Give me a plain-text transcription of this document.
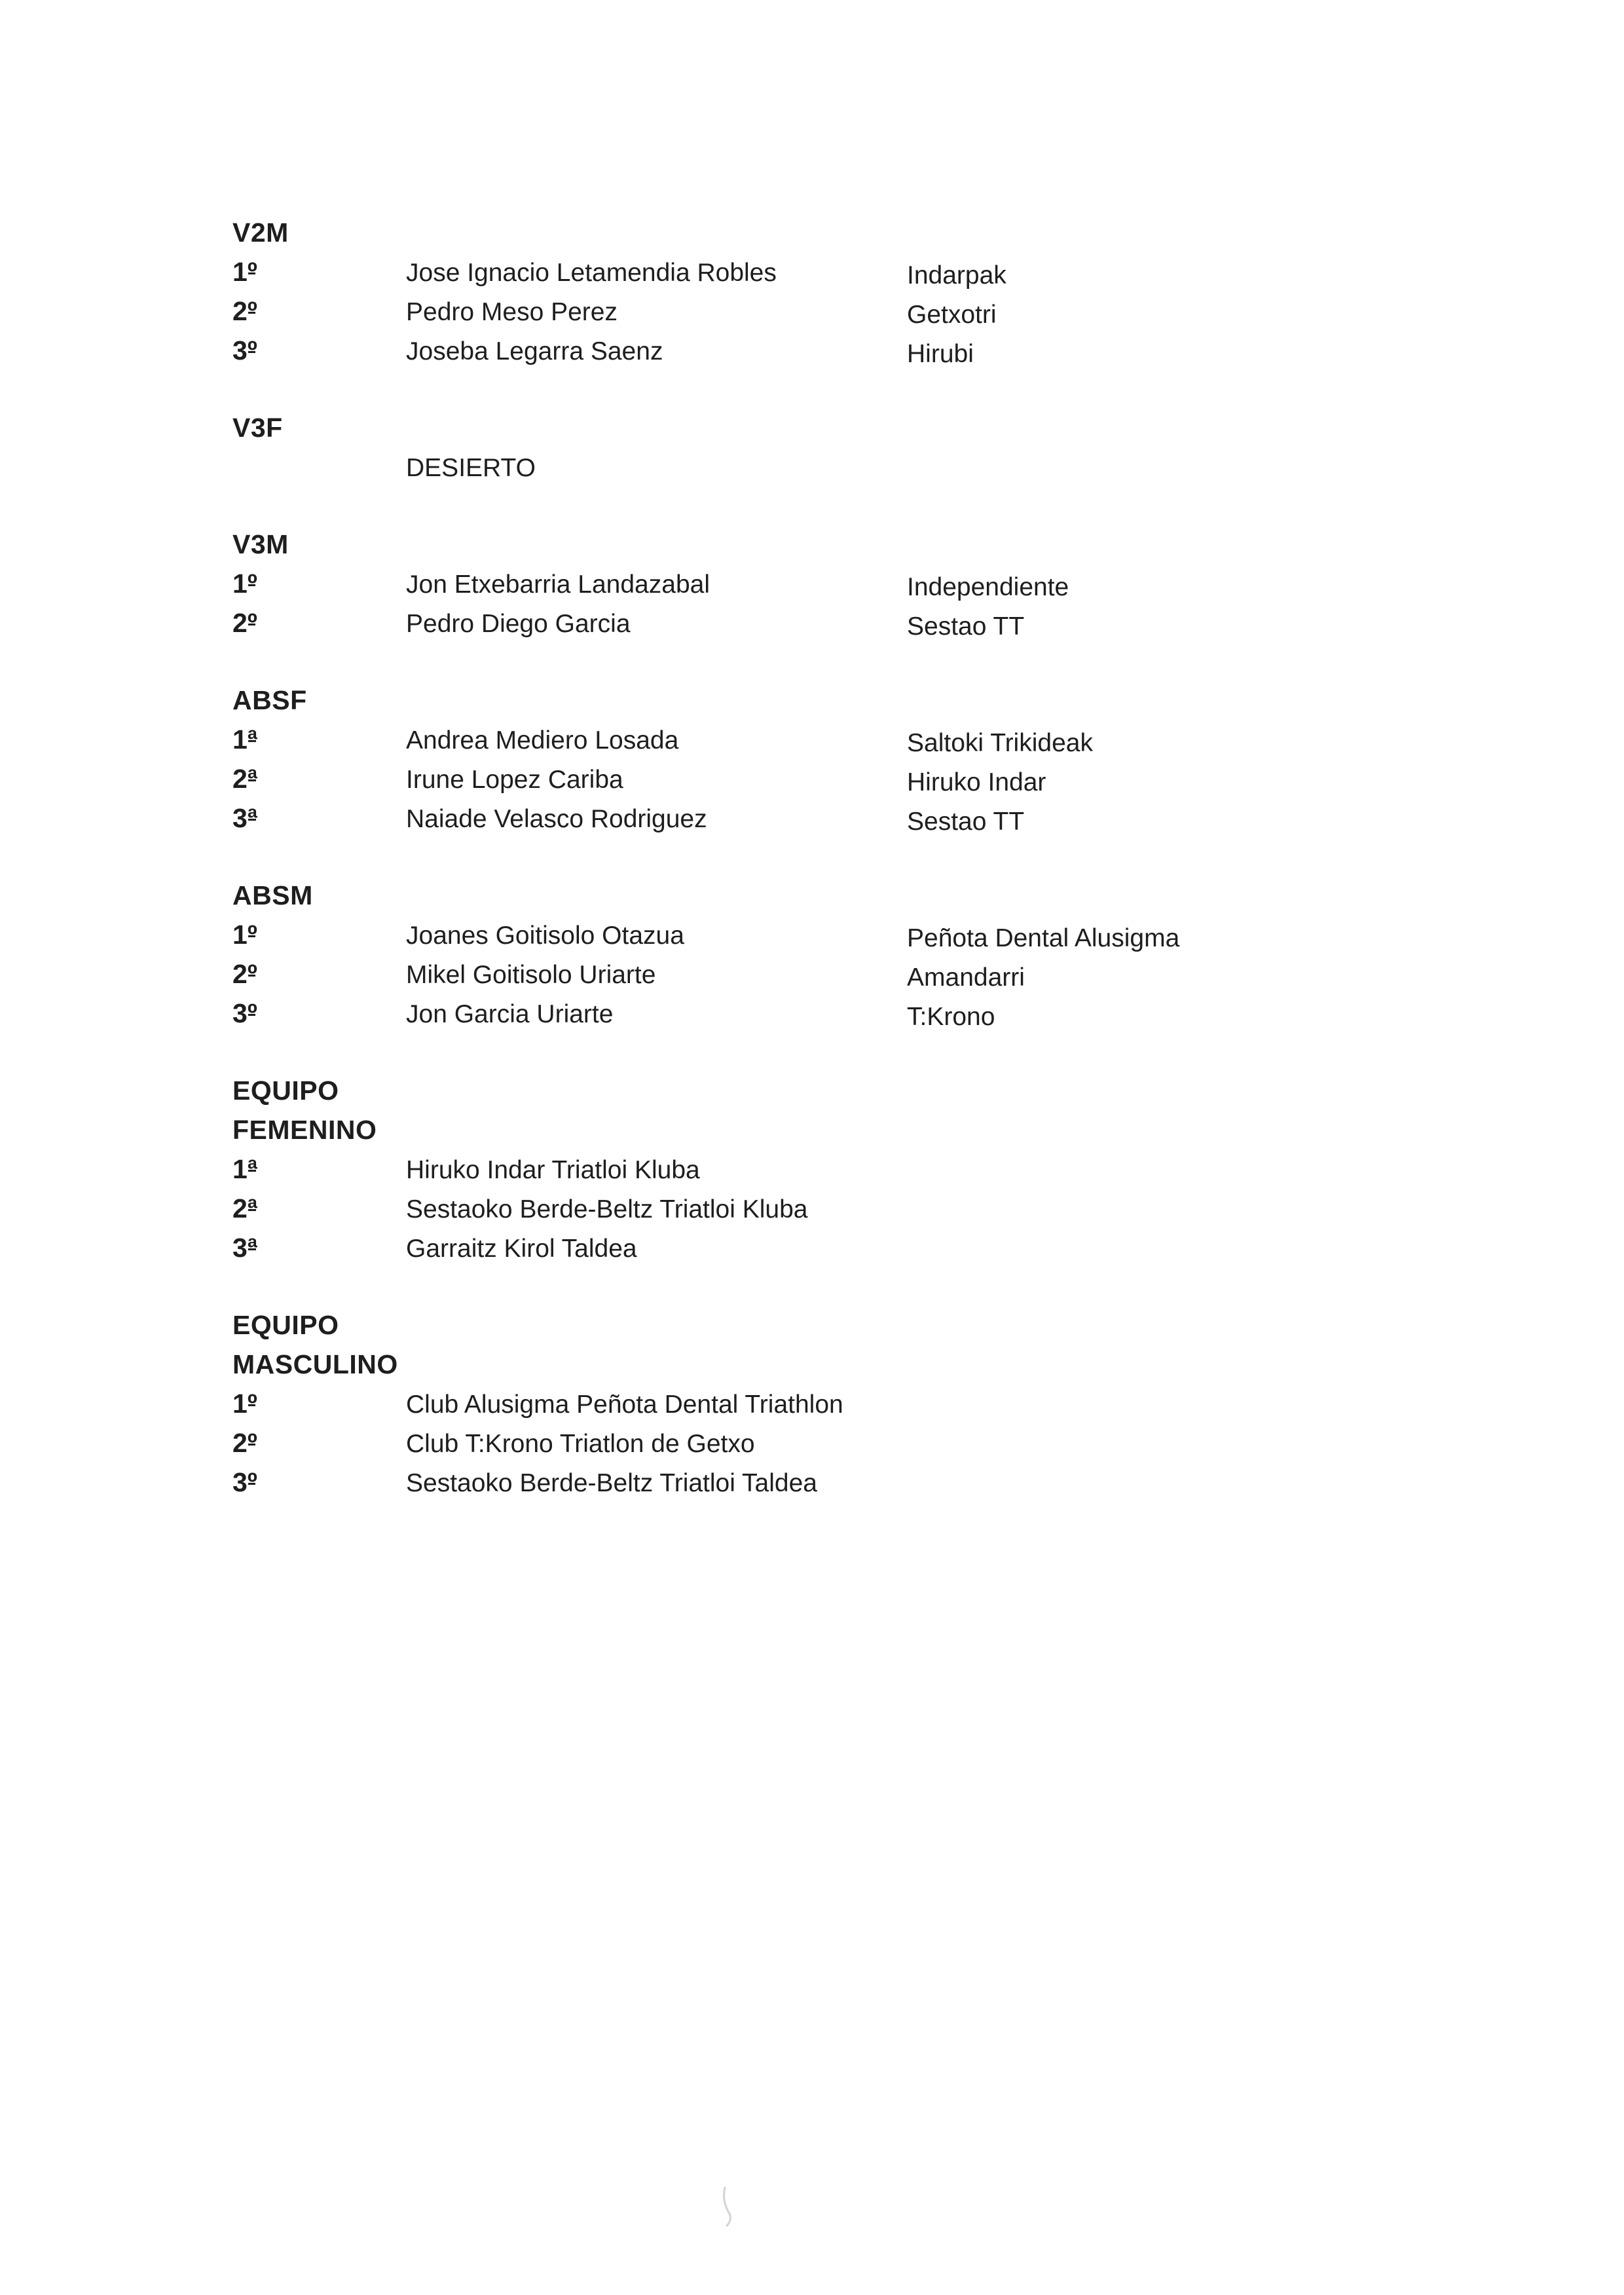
V2M
1º	Jose Ignacio Letamendia Robles	Indarpak
2º	Pedro Meso Perez	Getxotri
3º	Joseba Legarra Saenz	Hirubi
V3F
DESIERTO
V3M
1º	Jon Etxebarria Landazabal	Independiente
2º	Pedro Diego Garcia	Sestao TT
ABSF
1ª	Andrea Mediero Losada	Saltoki Trikideak
2ª	Irune Lopez Cariba	Hiruko Indar
3ª	Naiade Velasco Rodriguez	Sestao TT
ABSM
1º	Joanes Goitisolo Otazua	Peñota Dental Alusigma
2º	Mikel Goitisolo Uriarte	Amandarri
3º	Jon Garcia Uriarte	T:Krono
EQUIPO
FEMENINO
1ª	Hiruko Indar Triatloi Kluba
2ª	Sestaoko Berde-Beltz Triatloi Kluba
3ª	Garraitz Kirol Taldea
EQUIPO
MASCULINO
1º	Club Alusigma Peñota Dental Triathlon
2º	Club T:Krono Triatlon de Getxo
3º	Sestaoko Berde-Beltz Triatloi Taldea
